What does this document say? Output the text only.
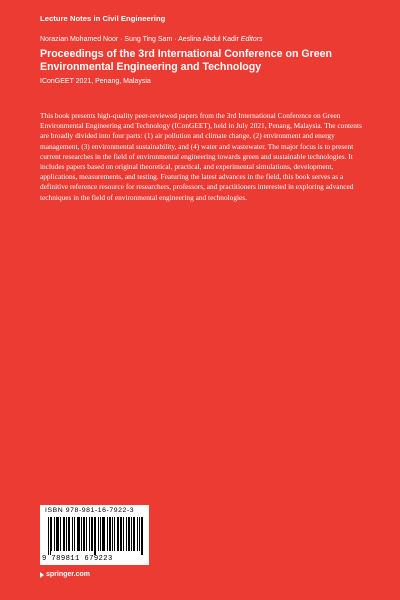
Lecture Notes in Civil Engineering
Norazian Mohamed Noor · Sung Ting Sam · Aeslina Abdul Kadir Editors
Proceedings of the 3rd International Conference on Green Environmental Engineering and Technology
IConGEET 2021, Penang, Malaysia

This book presents high-quality peer-reviewed papers from the 3rd International Conference on Green Environmental Engineering and Technology (IConGEET), held in July 2021, Penang, Malaysia. The contents are broadly divided into four parts: (1) air pollution and climate change, (2) environment and energy management, (3) environmental sustainability, and (4) water and wastewater. The major focus is to present current researches in the field of environmental engineering towards green and sustainable technologies. It includes papers based on original theoretical, practical, and experimental simulations, development, applications, measurements, and testing. Featuring the latest advances in the field, this book serves as a definitive reference resource for researchers, professors, and practitioners interested in exploring advanced techniques in the field of environmental engineering and technologies.

ISBN 978-981-16-7922-3
9 789811 679223
springer.com
